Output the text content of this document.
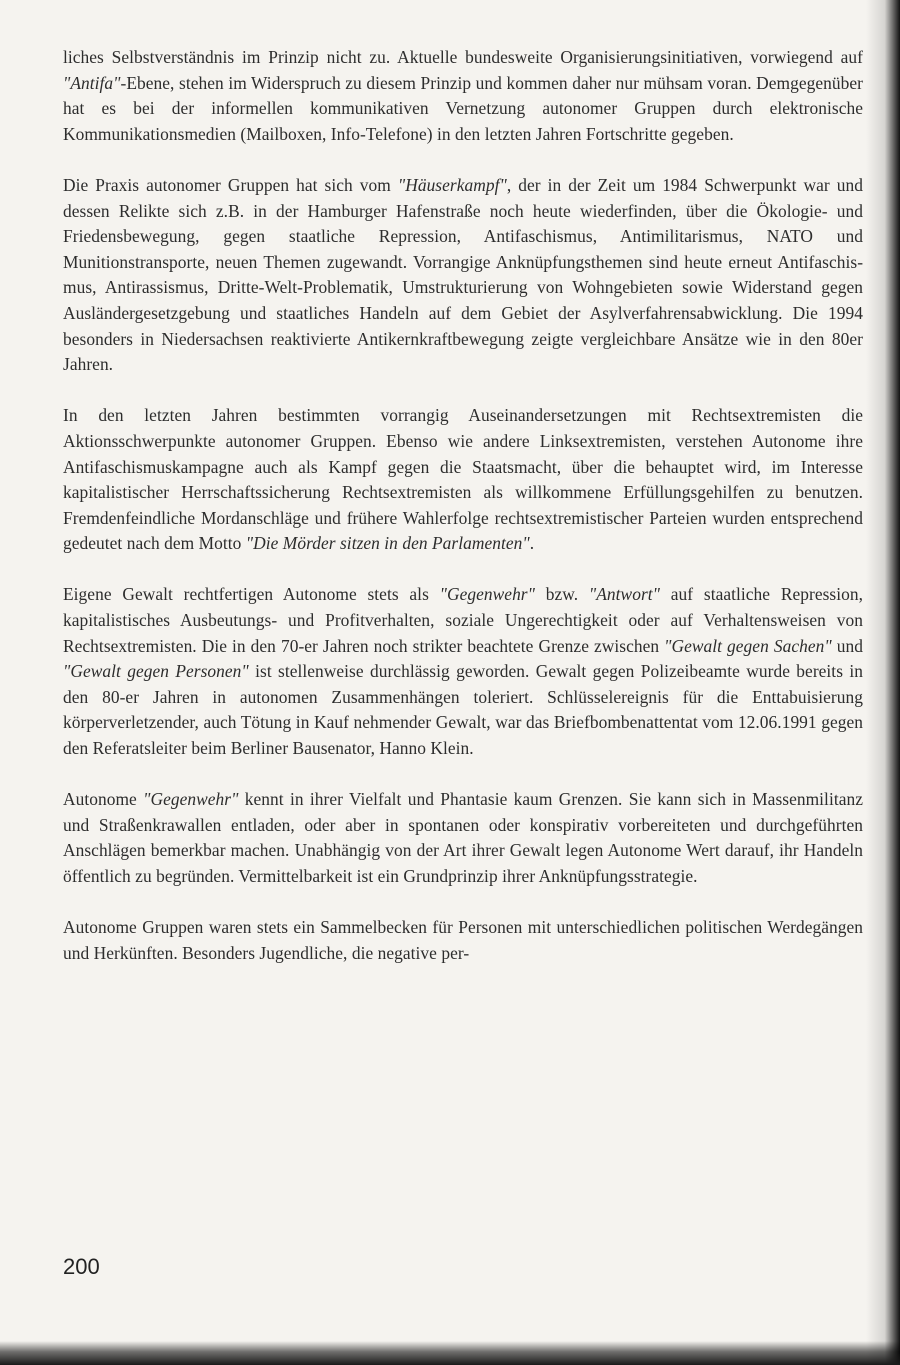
liches Selbstverständnis im Prinzip nicht zu. Aktuelle bundesweite Organisierungsinitiativen, vorwiegend auf "Antifa"-Ebene, stehen im Widerspruch zu diesem Prinzip und kommen daher nur mühsam voran. Demgegenüber hat es bei der informellen kommunikativen Vernetzung autonomer Gruppen durch elektronische Kommunikationsmedien (Mailboxen, Info-Telefone) in den letzten Jahren Fortschritte gegeben.

Die Praxis autonomer Gruppen hat sich vom "Häuserkampf", der in der Zeit um 1984 Schwerpunkt war und dessen Relikte sich z.B. in der Hamburger Hafenstraße noch heute wiederfinden, über die Ökologie- und Friedensbewegung, gegen staatliche Repression, Antifaschismus, Antimilitarismus, NATO und Munitionstransporte, neuen Themen zugewandt. Vorrangige Anknüpfungsthemen sind heute erneut Antifaschismus, Antirassismus, Dritte-Welt-Problematik, Umstrukturierung von Wohngebieten sowie Widerstand gegen Ausländergesetzgebung und staatliches Handeln auf dem Gebiet der Asylverfahrensabwicklung. Die 1994 besonders in Niedersachsen reaktivierte Antikernkraftbewegung zeigte vergleichbare Ansätze wie in den 80er Jahren.

In den letzten Jahren bestimmten vorrangig Auseinandersetzungen mit Rechtsextremisten die Aktionsschwerpunkte autonomer Gruppen. Ebenso wie andere Linksextremisten, verstehen Autonome ihre Antifaschismuskampagne auch als Kampf gegen die Staatsmacht, über die behauptet wird, im Interesse kapitalistischer Herrschaftssicherung Rechtsextremisten als willkommene Erfüllungsgehilfen zu benutzen. Fremdenfeindliche Mordanschläge und frühere Wahlerfolge rechtsextremistischer Parteien wurden entsprechend gedeutet nach dem Motto "Die Mörder sitzen in den Parlamenten".

Eigene Gewalt rechtfertigen Autonome stets als "Gegenwehr" bzw. "Antwort" auf staatliche Repression, kapitalistisches Ausbeutungs- und Profitverhalten, soziale Ungerechtigkeit oder auf Verhaltensweisen von Rechtsextremisten. Die in den 70-er Jahren noch strikter beachtete Grenze zwischen "Gewalt gegen Sachen" und "Gewalt gegen Personen" ist stellenweise durchlässig geworden. Gewalt gegen Polizeibeamte wurde bereits in den 80-er Jahren in autonomen Zusammenhängen toleriert. Schlüsselereignis für die Enttabuisierung körperverletzender, auch Tötung in Kauf nehmender Gewalt, war das Briefbombenattentat vom 12.06.1991 gegen den Referatsleiter beim Berliner Bausenator, Hanno Klein.

Autonome "Gegenwehr" kennt in ihrer Vielfalt und Phantasie kaum Grenzen. Sie kann sich in Massenmilitanz und Straßenkrawallen entladen, oder aber in spontanen oder konspirativ vorbereiteten und durchgeführten Anschlägen bemerkbar machen. Unabhängig von der Art ihrer Gewalt legen Autonome Wert darauf, ihr Handeln öffentlich zu begründen. Vermittelbarkeit ist ein Grundprinzip ihrer Anknüpfungsstrategie.

Autonome Gruppen waren stets ein Sammelbecken für Personen mit unterschiedlichen politischen Werdegängen und Herkünften. Besonders Jugendliche, die negative per-

200
